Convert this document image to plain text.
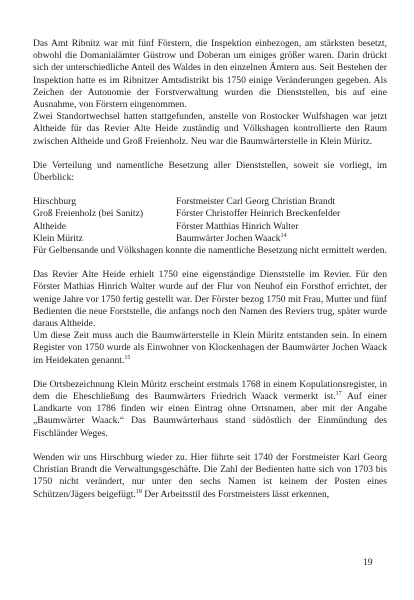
Das Amt Ribnitz war mit fünf Förstern, die Inspektion einbezogen, am stärksten besetzt, obwohl die Domanialämter Güstrow und Doberan um einiges größer waren. Darin drückt sich der unterschiedliche Anteil des Waldes in den einzelnen Ämtern aus. Seit Bestehen der Inspektion hatte es im Ribnitzer Amtsdistrikt bis 1750 einige Veränderungen gegeben. Als Zeichen der Autonomie der Forstverwaltung wurden die Dienststellen, bis auf eine Ausnahme, von Förstern eingenommen.

Zwei Standortwechsel hatten stattgefunden, anstelle von Rostocker Wulfshagen war jetzt Altheide für das Revier Alte Heide zuständig und Völkshagen kontrollierte den Raum zwischen Altheide und Groß Freienholz. Neu war die Baumwärterstelle in Klein Müritz.

Die Verteilung und namentliche Besetzung aller Dienststellen, soweit sie vorliegt, im Überblick:

Hirschburg	Forstmeister Carl Georg Christian Brandt
Groß Freienholz (bei Sanitz)	Förster Christoffer Heinrich Breckenfelder
Altheide	Förster Matthias Hinrich Walter
Klein Müritz	Baumwärter Jochen Waack$^{14}$

Für Gelbensande und Völkshagen konnte die namentliche Besetzung nicht ermittelt werden.

Das Revier Alte Heide erhielt 1750 eine eigenständige Dienststelle im Revier. Für den Förster Mathias Hinrich Walter wurde auf der Flur von Neuhof ein Forsthof errichtet, der wenige Jahre vor 1750 fertig gestellt war. Der Förster bezog 1750 mit Frau, Mutter und fünf Bedienten die neue Forststelle, die anfangs noch den Namen des Reviers trug, später wurde daraus Altheide.

Um diese Zeit muss auch die Baumwärterstelle in Klein Müritz entstanden sein. In einem Register von 1750 wurde als Einwohner von Klockenhagen der Baumwärter Jochen Waack im Heidekaten genannt.$^{15}$

Die Ortsbezeichnung Klein Müritz erscheint erstmals 1768 in einem Kopulationsregister, in dem die Eheschließung des Baumwärters Friedrich Waack vermerkt ist.$^{17}$ Auf einer Landkarte von 1786 finden wir einen Eintrag ohne Ortsnamen, aber mit der Angabe „Baumwärter Waack.“ Das Baumwärterhaus stand südöstlich der Einmündung des Fischländer Weges.

Wenden wir uns Hirschburg wieder zu. Hier führte seit 1740 der Forstmeister Karl Georg Christian Brandt die Verwaltungsgeschäfte. Die Zahl der Bedienten hatte sich von 1703 bis 1750 nicht verändert, nur unter den sechs Namen ist keinem der Posten eines Schützen/Jägers beigefügt.$^{18}$ Der Arbeitsstil des Forstmeisters lässt erkennen,

19
